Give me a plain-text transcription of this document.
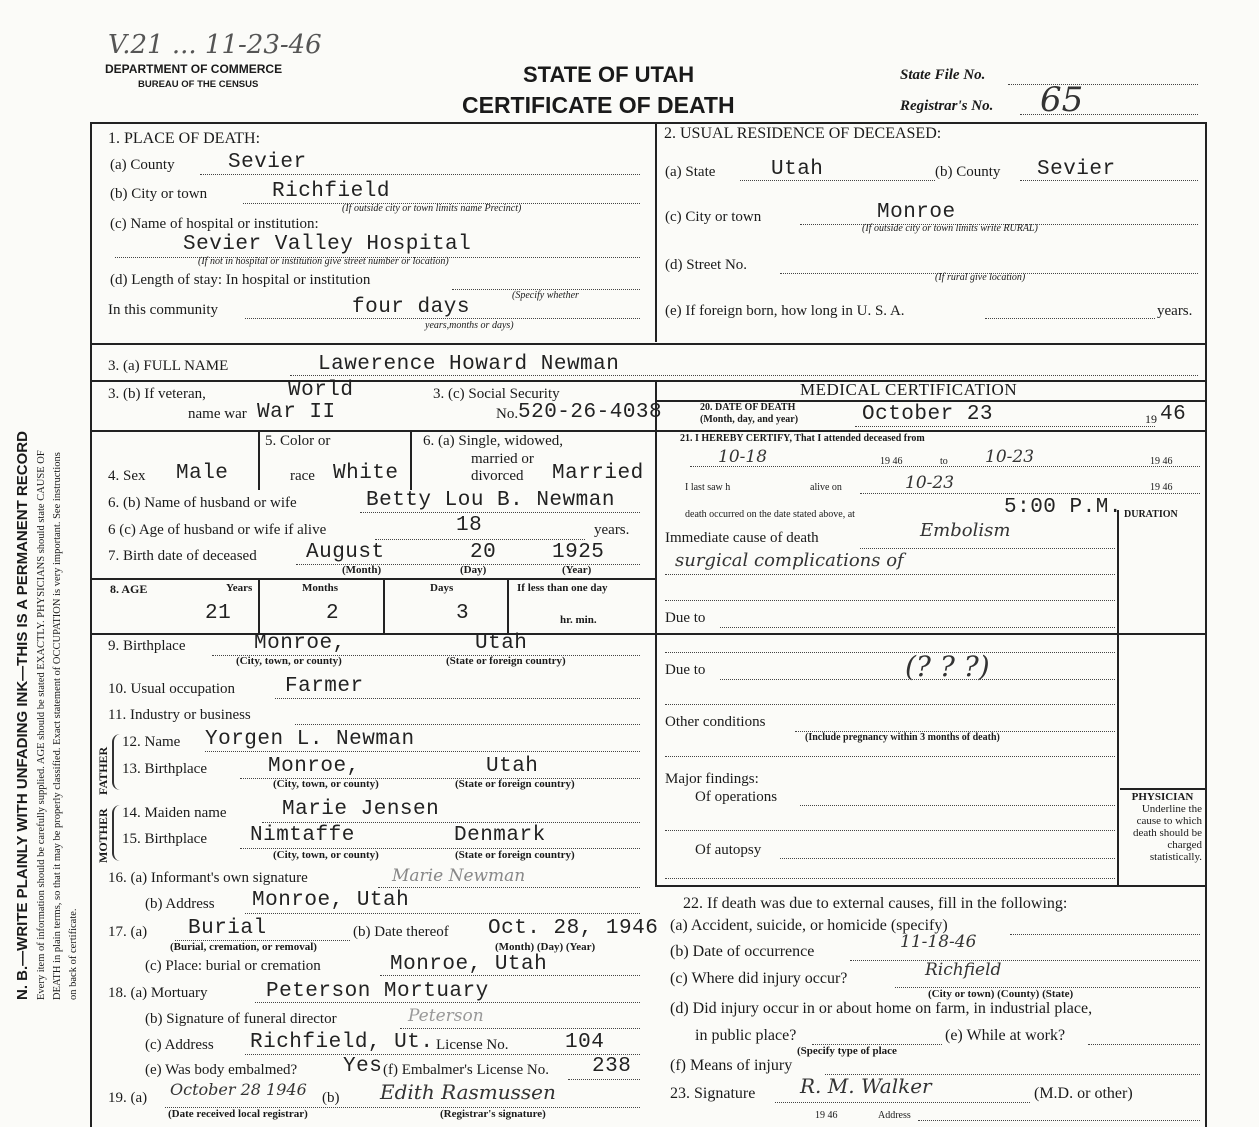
N. B.—WRITE PLAINLY WITH UNFADING INK—THIS IS A PERMANENT RECORD Every item of information should be carefully supplied. AGE should be stated EXACTLY. PHYSICIANS should state CAUSE OF DEATH in plain terms, so that it may be properly classified. Exact statement of OCCUPATION is very important. See instructions on back of certificate.
V.21 ... 11-23-46
DEPARTMENT OF COMMERCE
BUREAU OF THE CENSUS	STATE OF UTAH
CERTIFICATE OF DEATH
State File No.
Registrar's No. 65
1. PLACE OF DEATH:
(a) County	Sevier
(b) City or town	Richfield
(If outside city or town limits name Precinct)
(c) Name of hospital or institution:
Sevier Valley Hospital
(If not in hospital or institution give street number or location)
(d) Length of stay: In hospital or institution
(Specify whether
In this community	four days
years,months or days)
2. USUAL RESIDENCE OF DECEASED:
(a) State	Utah	(b) County Sevier
(c) City or town	Monroe
(If outside city or town limits write RURAL)
(d) Street No.
(If rural give location)
(e) If foreign born, how long in U. S. A.	years.
3. (a) FULL NAME	Lawerence Howard Newman
3. (b) If veteran,
name war
World
War II
3. (c) Social Security
No. 520-26-4038
MEDICAL CERTIFICATION
20. DATE OF DEATH
(Month, day, and year)	October 23	19 46
5. Color or
race White
6. (a) Single, widowed,
married or
divorced Married
4. Sex Male
6. (b) Name of husband or wife	Betty Lou B. Newman
6 (c) Age of husband or wife if alive	18	years.
7. Birth date of deceased August	20	1925
(Month)	(Day)	(Year)
8. AGE	Years	Months	Days	If less than one day
hr. min.
21	2	3
21. I HEREBY CERTIFY, That I attended deceased from
10-18	19 46	to 10-23	19 46
I last saw h	alive on	10-23	19 46
death occurred on the date stated above, at	5:00 P.M. DURATION
Immediate cause of death	Embolism
surgical complications of
Due to
Due to	(? ? ?)
Other conditions
(Include pregnancy within 3 months of death)
Major findings:
Of operations
Of autopsy
PHYSICIAN
Underline the cause to which death should be charged statistically.
9. Birthplace	Monroe,	Utah
(City, town, or county)	(State or foreign country)
10. Usual occupation Farmer
11. Industry or business
FATHER
MOTHER
12. Name Yorgen L. Newman
13. Birthplace	Monroe,	Utah
(City, town, or county)	(State or foreign country)
14. Maiden name	Marie Jensen
15. Birthplace Nimtaffe	Denmark
(City, town, or county)	(State or foreign country)
16. (a) Informant's own signature	Marie Newman
(b) Address Monroe, Utah
17. (a) Burial
(Burial, cremation, or removal)
(b) Date thereof Oct. 28, 1946
(Month) (Day) (Year)
(c) Place: burial or cremation	Monroe, Utah
18. (a) Mortuary	Peterson Mortuary
(b) Signature of funeral director	Peterson
(c) Address Richfield, Ut. License No.	104
(e) Was body embalmed? Yes (f) Embalmer's License No. 238
19. (a) October 28 1946 (b) Edith Rasmussen
(Date received local registrar)	(Registrar's signature)
22. If death was due to external causes, fill in the following:
(a) Accident, suicide, or homicide (specify)
(b) Date of occurrence	11-18-46
(c) Where did injury occur?	Richfield
(City or town) (County) (State)
(d) Did injury occur in or about home on farm, in industrial place,
in public place?
(Specify type of place
(e) While at work?
(f) Means of injury
23. Signature R. M. Walker	(M.D. or other)
19 46	Address
